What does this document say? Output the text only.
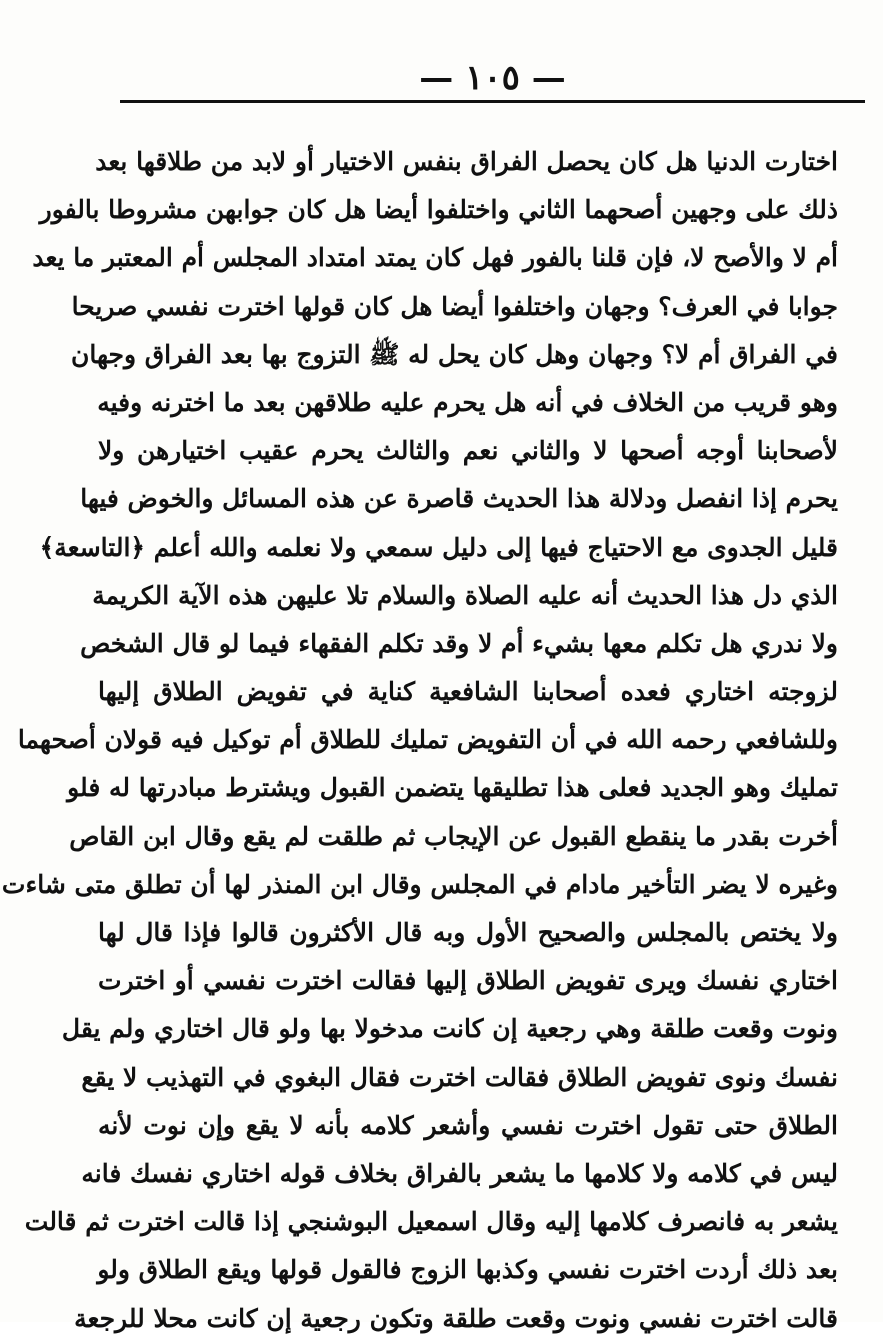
— ١٠٥ —
اختارت الدنيا هل كان يحصل الفراق بنفس الاختيار أو لابد من طلاقها بعد
ذلك على وجهين أصحهما الثاني واختلفوا أيضا هل كان جوابهن مشروطا بالفور
أم لا والأصح لا، فإن قلنا بالفور فهل كان يمتد امتداد المجلس أم المعتبر ما يعد
جوابا في العرف؟ وجهان واختلفوا أيضا هل كان قولها اخترت نفسي صريحا
في الفراق أم لا؟ وجهان وهل كان يحل له ﷺ التزوج بها بعد الفراق وجهان
وهو قريب من الخلاف في أنه هل يحرم عليه طلاقهن بعد ما اخترنه وفيه
لأصحابنا أوجه أصحها لا والثاني نعم والثالث يحرم عقيب اختيارهن ولا
يحرم إذا انفصل ودلالة هذا الحديث قاصرة عن هذه المسائل والخوض فيها
قليل الجدوى مع الاحتياج فيها إلى دليل سمعي ولا نعلمه والله أعلم ﴿التاسعة﴾
الذي دل هذا الحديث أنه عليه الصلاة والسلام تلا عليهن هذه الآية الكريمة
ولا ندري هل تكلم معها بشيء أم لا وقد تكلم الفقهاء فيما لو قال الشخص
لزوجته اختاري فعده أصحابنا الشافعية كناية في تفويض الطلاق إليها
وللشافعي رحمه الله في أن التفويض تمليك للطلاق أم توكيل فيه قولان أصحهما
تمليك وهو الجديد فعلى هذا تطليقها يتضمن القبول ويشترط مبادرتها له فلو
أخرت بقدر ما ينقطع القبول عن الإيجاب ثم طلقت لم يقع وقال ابن القاص
وغيره لا يضر التأخير مادام في المجلس وقال ابن المنذر لها أن تطلق متى شاءت
ولا يختص بالمجلس والصحيح الأول وبه قال الأكثرون قالوا فإذا قال لها
اختاري نفسك ويرى تفويض الطلاق إليها فقالت اخترت نفسي أو اخترت
ونوت وقعت طلقة وهي رجعية إن كانت مدخولا بها ولو قال اختاري ولم يقل
نفسك ونوى تفويض الطلاق فقالت اخترت فقال البغوي في التهذيب لا يقع
الطلاق حتى تقول اخترت نفسي وأشعر كلامه بأنه لا يقع وإن نوت لأنه
ليس في كلامه ولا كلامها ما يشعر بالفراق بخلاف قوله اختاري نفسك فانه
يشعر به فانصرف كلامها إليه وقال اسمعيل البوشنجي إذا قالت اخترت ثم قالت
بعد ذلك أردت اخترت نفسي وكذبها الزوج فالقول قولها ويقع الطلاق ولو
قالت اخترت نفسي ونوت وقعت طلقة وتكون رجعية إن كانت محلا للرجعة
